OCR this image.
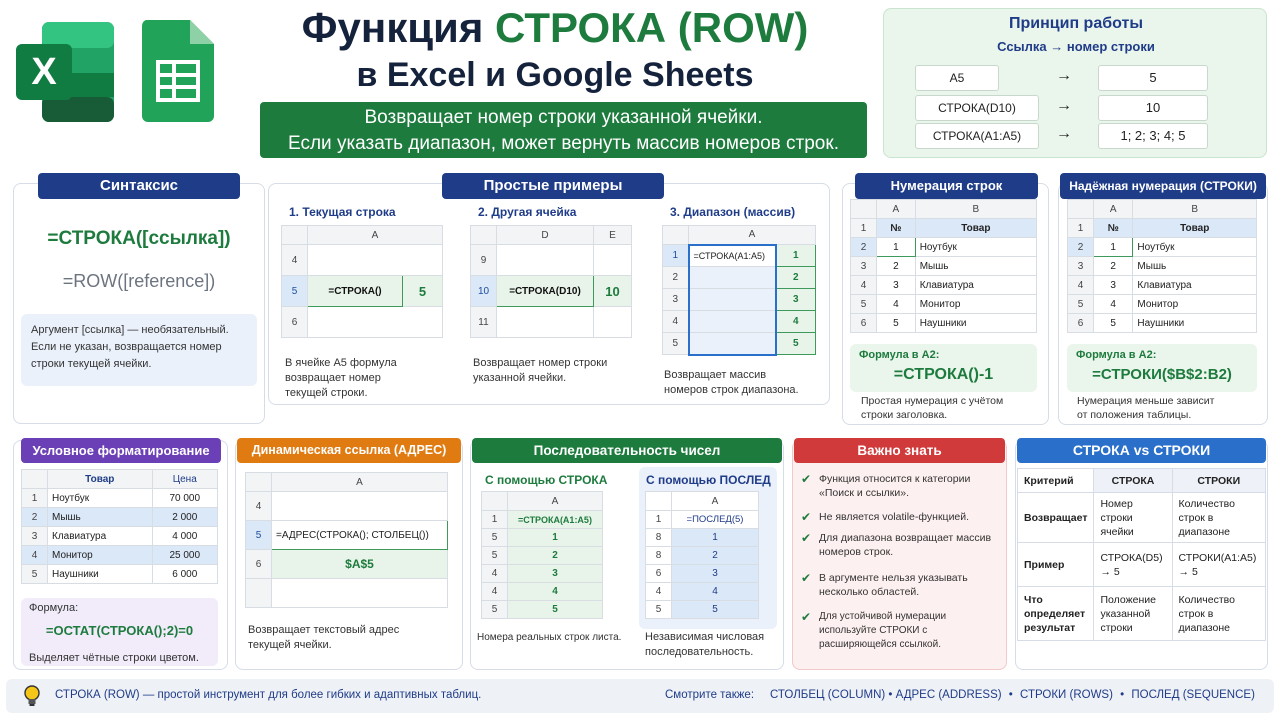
X
Функция СТРОКА (ROW)
в Excel и Google Sheets
Возвращает номер строки указанной ячейки.
Если указать диапазон, может вернуть массив номеров строк.
Принцип работы
Ссылка → номер строки
A5	→	5
СТРОКА(D10)	→	10
СТРОКА(A1:A5)	→	1; 2; 3; 4; 5
Синтаксис
=СТРОКА([ссылка])
=ROW([reference])
Аргумент [ссылка] — необязательный.
Если не указан, возвращается номер
строки текущей ячейки.
Простые примеры
1. Текущая строка
	A	
4		
5	=СТРОКА()	5
6		
В ячейке A5 формула
возвращает номер
текущей строки.
2. Другая ячейка
	D	E
9		
10	=СТРОКА(D10)	10
11		
Возвращает номер строки
указанной ячейки.
3. Диапазон (массив)
	A	
1	=СТРОКА(A1:A5)	1
2		2
3		3
4		4
5		5
Возвращает массив
номеров строк диапазона.
Нумерация строк
	A	B
1	№	Товар
2	1	Ноутбук
3	2	Мышь
4	3	Клавиатура
5	4	Монитор
6	5	Наушники
Формула в A2:
=СТРОКА()-1
Простая нумерация с учётом
строки заголовка.
Надёжная нумерация (СТРОКИ)
	A	B
1	№	Товар
2	1	Ноутбук
3	2	Мышь
4	3	Клавиатура
5	4	Монитор
6	5	Наушники
Формула в A2:
=СТРОКИ($B$2:B2)
Нумерация меньше зависит
от положения таблицы.
Условное форматирование
	Товар	Цена
1	Ноутбук	70 000
2	Мышь	2 000
3	Клавиатура	4 000
4	Монитор	25 000
5	Наушники	6 000
Формула:
=ОСТАТ(СТРОКА();2)=0
Выделяет чётные строки цветом.
Динамическая ссылка (АДРЕС)
	A
4	
5	=АДРЕС(СТРОКА(); СТОЛБЕЦ())
6	$A$5

Возвращает текстовый адрес
текущей ячейки.
Последовательность чисел
С помощью СТРОКА	С помощью ПОСЛЕД
	A
1	=СТРОКА(A1:A5)
5	1
5	2
4	3
4	4
5	5
	A
1	=ПОСЛЕД(5)
8	1
8	2
6	3
4	4
5	5
Номера реальных строк листа. Независимая числовая
последовательность.
Важно знать
✔ Функция относится к категории «Поиск и ссылки».
✔ Не является volatile-функцией.
✔ Для диапазона возвращает массив номеров строк.
✔ В аргументе нельзя указывать несколько областей.
✔ Для устойчивой нумерации используйте СТРОКИ с расширяющейся ссылкой.
СТРОКА vs СТРОКИ
Критерий	СТРОКА	СТРОКИ
Возвращает	Номер строки ячейки	Количество строк в диапазоне
Пример	СТРОКА(D5) → 5	СТРОКИ(A1:A5) → 5
Что определяет результат	Положение указанной строки	Количество строк в диапазоне
СТРОКА (ROW) — простой инструмент для более гибких и адаптивных таблиц.	Смотрите также: СТОЛБЕЦ (COLUMN) • АДРЕС (ADDRESS) • СТРОКИ (ROWS) • ПОСЛЕД (SEQUENCE)
